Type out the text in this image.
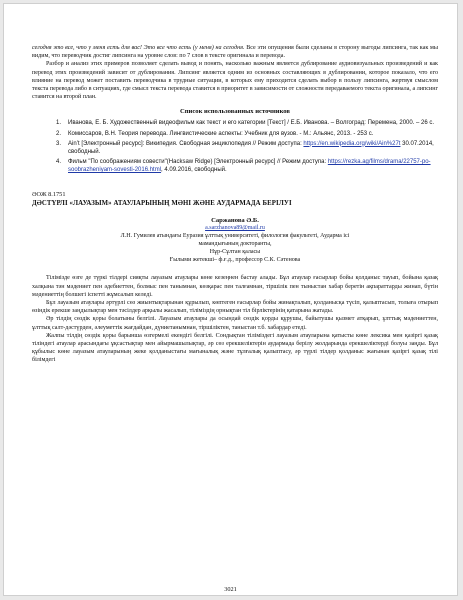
сегодня это все, что у меня есть для вас! Это все что есть (у меня) на сегодня. Все эти опущения были сделаны в сторону выгоды липсинга, так как мы видим, что переводчик достиг липсинга на уровне слов: по 7 слов в тексте оригинала и перевода.

Разбор и анализ этих примеров позволяет сделать вывод и понять, насколько важным является дублирование аудиовизуальных произведений и как перевод этих произведений зависит от дублирования. Липсинг является одним из основных составляющих в дублировании, которое показало, что его влияние на перевод может поставить переводчика в трудные ситуации, в которых ему приходится сделать выбор в пользу липсинга, жертвуя смыслом текста перевода либо в ситуациях, где смысл текста перевода ставится в приоритет в зависимости от сложности передаваемого текста оригинала, а липсинг ставится на второй план.

Список использованных источников

1.	Иванова, Е. Б. Художественный видеофильм как текст и его категории [Текст] / Е.Б. Иванова. – Волгоград: Перемена, 2000. – 26 с.
2.	Комиссаров, В.Н. Теория перевода. Лингвистические аспекты: Учебник для вузов. - М.: Альянс, 2013. - 253 с.
3.	Ain’t [Электронный ресурс]: Википедия. Свободная энциклопедия // Режим доступа: https://en.wikipedia.org/wiki/Ain%27t 30.07.2014, свободный.
4.	Фильм "По соображениям совести"(Hacksaw Ridge) [Электронный ресурс] // Режим доступа: https://rezka.ag/films/drama/22757-po-soobrazheniyam-sovesti-2016.html, 4.09.2016, свободный.

ӘОЖ 8.1751

ДӘСТҮРЛІ «ЛАУАЗЫМ» АТАУЛАРЫНЫҢ МӘНІ ЖӘНЕ АУДАРМАДА БЕРІЛУІ

Саржанова Ә.Б.

a.sarzhanova89@mail.ru

Л.Н. Гумилев атындағы Еуразия ұлттық университеті, филология факультеті, Аударма ісі

мамандығының докторанты,

Нұр-Сұлтан қаласы

Ғылыми жетекші– ф.ғ.д., профессор С.К. Сәтенова

Тілімізде өзге де түркі тілдері сияқты лауазым атаулары көне кезеңнен бастау алады. Бұл атаулар ғасырлар бойы қолданыс тауып, бойына қазақ халқына тән мәдениет пен әдебиеттен, болмыс пен танымнан, көзқарас пен талғамнан, тіршілік пен тыныстан хабар беретін ақпараттарды жинап, бүтін мәдениеттің болшегі іспетті жұмсалып келеді.

Бұл лауазым атаулары әртүрлі сөз жиынтықтарынан құрылып, көптеген ғасырлар бойы жинақталып, қолданысқа түсіп, қалыптасып, толыға отырып өзіндік ерекше заңдылықтар мен тәсілдер арқылы жасалып, тіліміздің орнықтан тіл бірліктерінің қатарына жатады.

Әр тілдің сөздік қоры болатыны белгілі. Лауазым атаулары да осындай сөздік қорды құрушы, байытушы қызмет атқарып, ұлттық мәдениеттен, ұлттық салт-дәстүрден, әлеуметтік жағдайдан, дүниетанымнан, тіршіліктен, таныстан т.б. хабардар етеді.

Жалпы тілдің сөздік қоры барынша өзгермелі екендігі белгілі. Сондықтан тіліміздегі лауазым атауларына қатысты көне лексика мен қазіргі қазақ тіліндегі атаулар арасындағы ұқсастықтар мен айырмашылықтар, әр сөз ерекшеліктерін аудармада берілу жолдарында ерекшеліктерді болуы заңды. Бұл құбылыс көне лауазым атауларының жеке қолданыстағы мағыналық және тұлғалық қалыптасу, әр түрлі тілдер қолданыс жағынан қазіргі қазақ тілі білімдегі

3021
